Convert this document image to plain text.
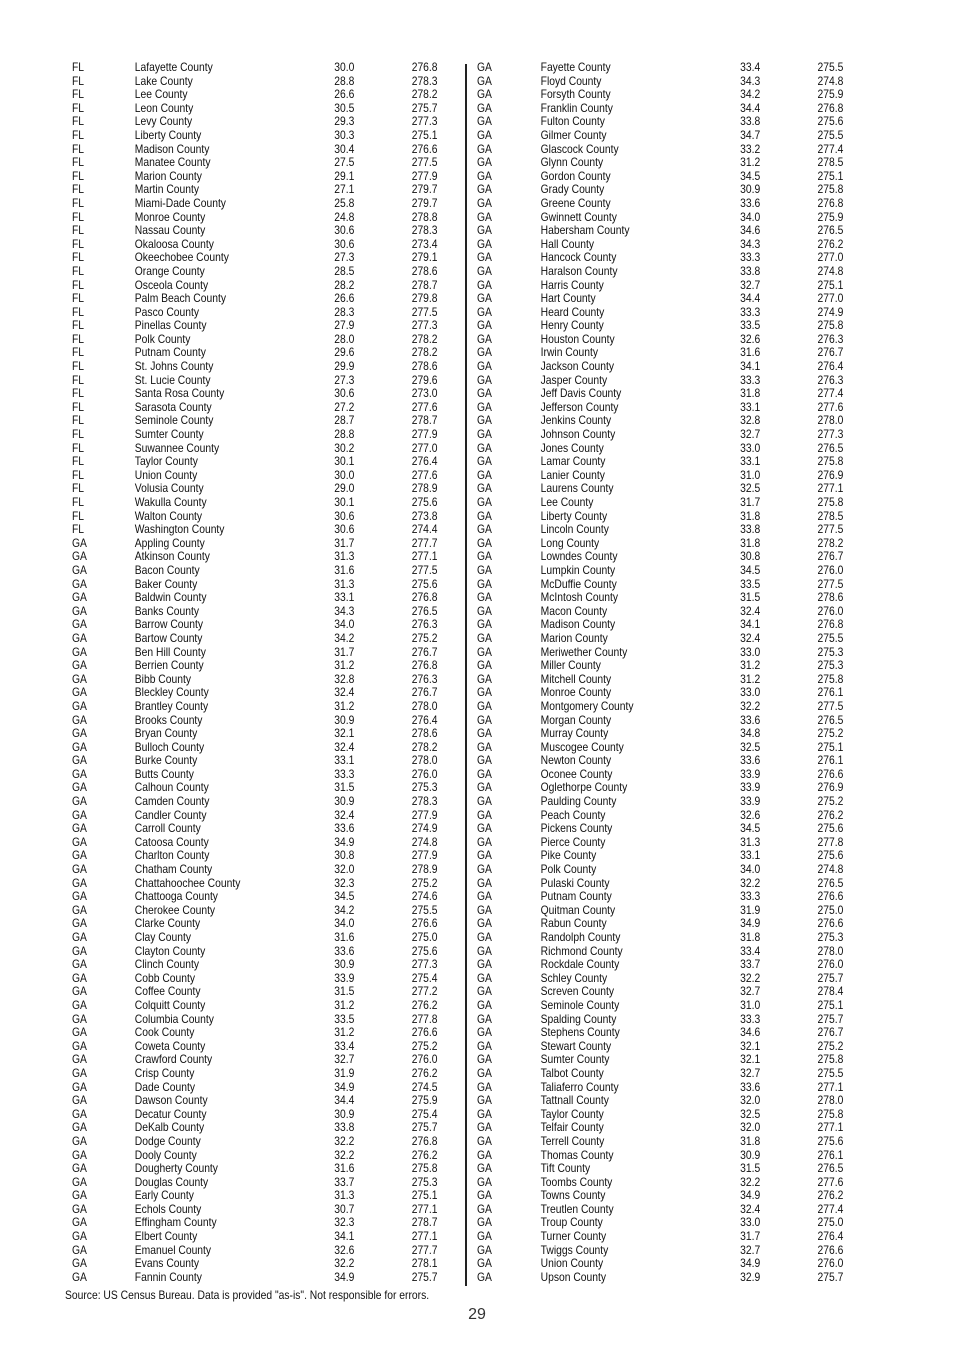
FL	Lafayette County	30.0	276.8
FL	Lake County	28.8	278.3
FL	Lee County	26.6	278.2
FL	Leon County	30.5	275.7
FL	Levy County	29.3	277.3
FL	Liberty County	30.3	275.1
FL	Madison County	30.4	276.6
FL	Manatee County	27.5	277.5
FL	Marion County	29.1	277.9
FL	Martin County	27.1	279.7
FL	Miami-Dade County	25.8	279.7
FL	Monroe County	24.8	278.8
FL	Nassau County	30.6	278.3
FL	Okaloosa County	30.6	273.4
FL	Okeechobee County	27.3	279.1
FL	Orange County	28.5	278.6
FL	Osceola County	28.2	278.7
FL	Palm Beach County	26.6	279.8
FL	Pasco County	28.3	277.5
FL	Pinellas County	27.9	277.3
FL	Polk County	28.0	278.2
FL	Putnam County	29.6	278.2
FL	St. Johns County	29.9	278.6
FL	St. Lucie County	27.3	279.6
FL	Santa Rosa County	30.6	273.0
FL	Sarasota County	27.2	277.6
FL	Seminole County	28.7	278.7
FL	Sumter County	28.8	277.9
FL	Suwannee County	30.2	277.0
FL	Taylor County	30.1	276.4
FL	Union County	30.0	277.6
FL	Volusia County	29.0	278.9
FL	Wakulla County	30.1	275.6
FL	Walton County	30.6	273.8
FL	Washington County	30.6	274.4
GA	Appling County	31.7	277.7
GA	Atkinson County	31.3	277.1
GA	Bacon County	31.6	277.5
GA	Baker County	31.3	275.6
GA	Baldwin County	33.1	276.8
GA	Banks County	34.3	276.5
GA	Barrow County	34.0	276.3
GA	Bartow County	34.2	275.2
GA	Ben Hill County	31.7	276.7
GA	Berrien County	31.2	276.8
GA	Bibb County	32.8	276.3
GA	Bleckley County	32.4	276.7
GA	Brantley County	31.2	278.0
GA	Brooks County	30.9	276.4
GA	Bryan County	32.1	278.6
GA	Bulloch County	32.4	278.2
GA	Burke County	33.1	278.0
GA	Butts County	33.3	276.0
GA	Calhoun County	31.5	275.3
GA	Camden County	30.9	278.3
GA	Candler County	32.4	277.9
GA	Carroll County	33.6	274.9
GA	Catoosa County	34.9	274.8
GA	Charlton County	30.8	277.9
GA	Chatham County	32.0	278.9
GA	Chattahoochee County	32.3	275.2
GA	Chattooga County	34.5	274.6
GA	Cherokee County	34.2	275.5
GA	Clarke County	34.0	276.6
GA	Clay County	31.6	275.0
GA	Clayton County	33.6	275.6
GA	Clinch County	30.9	277.3
GA	Cobb County	33.9	275.4
GA	Coffee County	31.5	277.2
GA	Colquitt County	31.2	276.2
GA	Columbia County	33.5	277.8
GA	Cook County	31.2	276.6
GA	Coweta County	33.4	275.2
GA	Crawford County	32.7	276.0
GA	Crisp County	31.9	276.2
GA	Dade County	34.9	274.5
GA	Dawson County	34.4	275.9
GA	Decatur County	30.9	275.4
GA	DeKalb County	33.8	275.7
GA	Dodge County	32.2	276.8
GA	Dooly County	32.2	276.2
GA	Dougherty County	31.6	275.8
GA	Douglas County	33.7	275.3
GA	Early County	31.3	275.1
GA	Echols County	30.7	277.1
GA	Effingham County	32.3	278.7
GA	Elbert County	34.1	277.1
GA	Emanuel County	32.6	277.7
GA	Evans County	32.2	278.1
GA	Fannin County	34.9	275.7
GA	Fayette County	33.4	275.5
GA	Floyd County	34.3	274.8
GA	Forsyth County	34.2	275.9
GA	Franklin County	34.4	276.8
GA	Fulton County	33.8	275.6
GA	Gilmer County	34.7	275.5
GA	Glascock County	33.2	277.4
GA	Glynn County	31.2	278.5
GA	Gordon County	34.5	275.1
GA	Grady County	30.9	275.8
GA	Greene County	33.6	276.8
GA	Gwinnett County	34.0	275.9
GA	Habersham County	34.6	276.5
GA	Hall County	34.3	276.2
GA	Hancock County	33.3	277.0
GA	Haralson County	33.8	274.8
GA	Harris County	32.7	275.1
GA	Hart County	34.4	277.0
GA	Heard County	33.3	274.9
GA	Henry County	33.5	275.8
GA	Houston County	32.6	276.3
GA	Irwin County	31.6	276.7
GA	Jackson County	34.1	276.4
GA	Jasper County	33.3	276.3
GA	Jeff Davis County	31.8	277.4
GA	Jefferson County	33.1	277.6
GA	Jenkins County	32.8	278.0
GA	Johnson County	32.7	277.3
GA	Jones County	33.0	276.5
GA	Lamar County	33.1	275.8
GA	Lanier County	31.0	276.9
GA	Laurens County	32.5	277.1
GA	Lee County	31.7	275.8
GA	Liberty County	31.8	278.5
GA	Lincoln County	33.8	277.5
GA	Long County	31.8	278.2
GA	Lowndes County	30.8	276.7
GA	Lumpkin County	34.5	276.0
GA	McDuffie County	33.5	277.5
GA	McIntosh County	31.5	278.6
GA	Macon County	32.4	276.0
GA	Madison County	34.1	276.8
GA	Marion County	32.4	275.5
GA	Meriwether County	33.0	275.3
GA	Miller County	31.2	275.3
GA	Mitchell County	31.2	275.8
GA	Monroe County	33.0	276.1
GA	Montgomery County	32.2	277.5
GA	Morgan County	33.6	276.5
GA	Murray County	34.8	275.2
GA	Muscogee County	32.5	275.1
GA	Newton County	33.6	276.1
GA	Oconee County	33.9	276.6
GA	Oglethorpe County	33.9	276.9
GA	Paulding County	33.9	275.2
GA	Peach County	32.6	276.2
GA	Pickens County	34.5	275.6
GA	Pierce County	31.3	277.8
GA	Pike County	33.1	275.6
GA	Polk County	34.0	274.8
GA	Pulaski County	32.2	276.5
GA	Putnam County	33.3	276.6
GA	Quitman County	31.9	275.0
GA	Rabun County	34.9	276.6
GA	Randolph County	31.8	275.3
GA	Richmond County	33.4	278.0
GA	Rockdale County	33.7	276.0
GA	Schley County	32.2	275.7
GA	Screven County	32.7	278.4
GA	Seminole County	31.0	275.1
GA	Spalding County	33.3	275.7
GA	Stephens County	34.6	276.7
GA	Stewart County	32.1	275.2
GA	Sumter County	32.1	275.8
GA	Talbot County	32.7	275.5
GA	Taliaferro County	33.6	277.1
GA	Tattnall County	32.0	278.0
GA	Taylor County	32.5	275.8
GA	Telfair County	32.0	277.1
GA	Terrell County	31.8	275.6
GA	Thomas County	30.9	276.1
GA	Tift County	31.5	276.5
GA	Toombs County	32.2	277.6
GA	Towns County	34.9	276.2
GA	Treutlen County	32.4	277.4
GA	Troup County	33.0	275.0
GA	Turner County	31.7	276.4
GA	Twiggs County	32.7	276.6
GA	Union County	34.9	276.0
GA	Upson County	32.9	275.7
Source: US Census Bureau. Data is provided "as-is". Not responsible for errors.
29
